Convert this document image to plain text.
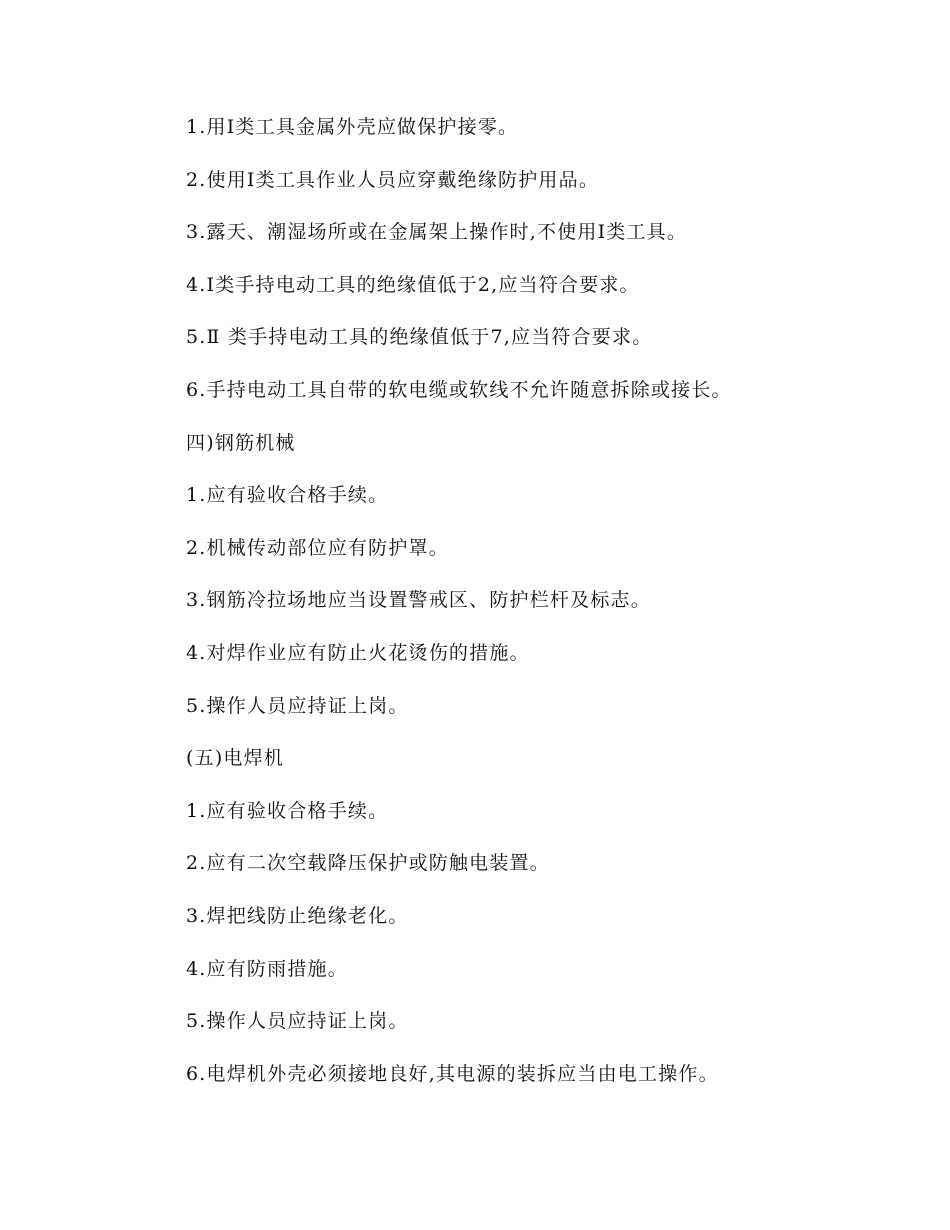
1.用Ⅰ类工具金属外壳应做保护接零。
2.使用Ⅰ类工具作业人员应穿戴绝缘防护用品。
3.露天、潮湿场所或在金属架上操作时,不使用Ⅰ类工具。
4.Ⅰ类手持电动工具的绝缘值低于2,应当符合要求。
5.Ⅱ 类手持电动工具的绝缘值低于7,应当符合要求。
6.手持电动工具自带的软电缆或软线不允许随意拆除或接长。
四)钢筋机械
1.应有验收合格手续。
2.机械传动部位应有防护罩。
3.钢筋冷拉场地应当设置警戒区、防护栏杆及标志。
4.对焊作业应有防止火花烫伤的措施。
5.操作人员应持证上岗。
(五)电焊机
1.应有验收合格手续。
2.应有二次空载降压保护或防触电装置。
3.焊把线防止绝缘老化。
4.应有防雨措施。
5.操作人员应持证上岗。
6.电焊机外壳必须接地良好,其电源的装拆应当由电工操作。
